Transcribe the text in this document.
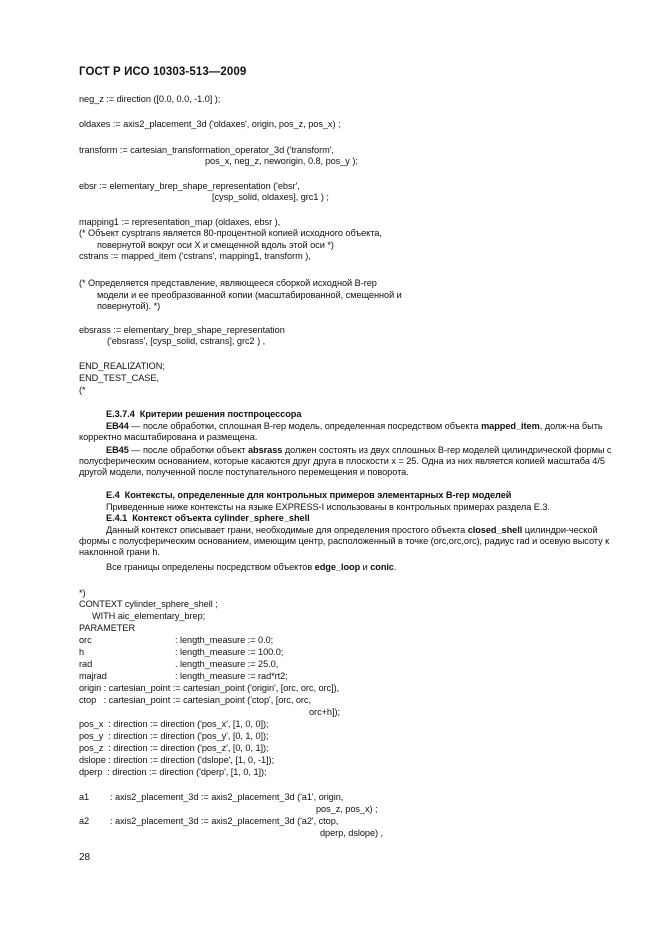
ГОСТ Р ИСО 10303-513—2009
neg_z := direction ([0.0, 0.0, -1.0] );
oldaxes := axis2_placement_3d ('oldaxes', origin, pos_z, pos_x) ;
transform := cartesian_transformation_operator_3d ('transform',
pos_x, neg_z, neworigin, 0.8, pos_y );
ebsr := elementary_brep_shape_representation ('ebsr',
[cysp_solid, oldaxes], grc1 ) ;
mapping1 := representation_map (oldaxes, ebsr ),
(* Объект cysptrans является 80-процентной копией исходного объекта,
повернутой вокруг оси X и смещенной вдоль этой оси *)
cstrans := mapped_item ('cstrans', mapping1, transform ),
(* Определяется представление, являющееся сборкой исходной В-rep
модели и ее преобразованной копии (масштабированной, смещенной и
повернутой). *)
ebsrass := elementary_brep_shape_representation
('ebsrass', [cysp_solid, cstrans], grc2 ) ,
END_REALIZATION;
END_TEST_CASE,
(*
Е.3.7.4 Критерии решения постпроцессора
ЕВ44 — после обработки, сплошная В-rep модель, определенная посредством объекта mapped_item, долж-на быть корректно масштабирована и размещена.
ЕВ45 — после обработки объект absrass должен состоять из двух сплошных В-rep моделей цилиндрической формы с полусферическим основанием, которые касаются друг друга в плоскости x = 25. Одна из них является копией масштаба 4/5 другой модели, полученной после поступательного перемещения и поворота.
Е.4  Контексты, определенные для контрольных примеров элементарных В-rep моделей
Приведенные ниже контексты на языке EXPRESS-I использованы в контрольных примерах раздела Е.3.
Е.4.1  Контекст объекта cylinder_sphere_shell
Данный контекст описывает грани, необходимые для определения простого объекта closed_shell цилиндри-ческой формы с полусферическим основанием, имеющим центр, расположенный в точке (orc,orc,orc), радиус rad и осевую высоту к наклонной грани h.
Все границы определены посредством объектов edge_loop и conic.
*)
CONTEXT cylinder_sphere_shell ;
WITH aic_elementary_brep;
PARAMETER
orc	: length_measure := 0.0;
h	: length_measure := 100.0;
rad	. length_measure := 25.0,
majrad	: length_measure := rad*rt2;
origin : cartesian_point := cartesian_point ('origin', [orc, orc, orc]),
ctop   : cartesian_point := cartesian_point ('ctop', [orc, orc,
orc+h]);
pos_x  : direction := direction ('pos_x', [1, 0, 0]);
pos_y  : direction := direction ('pos_y', [0, 1, 0]);
pos_z  : direction := direction ('pos_z', [0, 0, 1]);
dslope : direction := direction ('dslope', [1, 0, -1]);
dperp  : direction := direction ('dperp', [1, 0, 1]);
a1 : axis2_placement_3d := axis2_placement_3d ('a1', origin,
pos_z, pos_x) ;
a2 : axis2_placement_3d := axis2_placement_3d ('a2', ctop,
dperp, dslope) ,
28
